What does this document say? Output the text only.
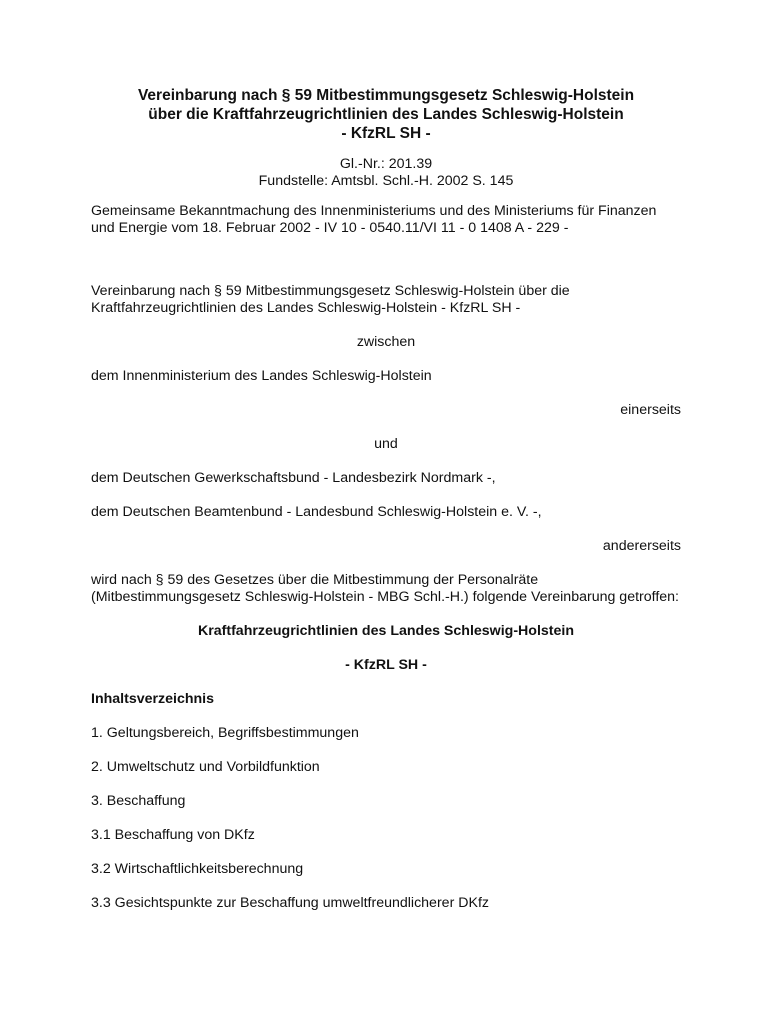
Vereinbarung nach § 59 Mitbestimmungsgesetz Schleswig-Holstein
über die Kraftfahrzeugrichtlinien des Landes Schleswig-Holstein
- KfzRL SH -
Gl.-Nr.: 201.39
Fundstelle: Amtsbl. Schl.-H. 2002 S. 145

Gemeinsame Bekanntmachung des Innenministeriums und des Ministeriums für Finanzen und Energie vom 18. Februar 2002 - IV 10 - 0540.11/VI 11 - 0 1408 A - 229 -

Vereinbarung nach § 59 Mitbestimmungsgesetz Schleswig-Holstein über die Kraftfahrzeugrichtlinien des Landes Schleswig-Holstein - KfzRL SH -

zwischen

dem Innenministerium des Landes Schleswig-Holstein

einerseits

und

dem Deutschen Gewerkschaftsbund - Landesbezirk Nordmark -,

dem Deutschen Beamtenbund - Landesbund Schleswig-Holstein e. V. -,

andererseits

wird nach § 59 des Gesetzes über die Mitbestimmung der Personalräte (Mitbestimmungsgesetz Schleswig-Holstein - MBG Schl.-H.) folgende Vereinbarung getroffen:

Kraftfahrzeugrichtlinien des Landes Schleswig-Holstein

- KfzRL SH -

Inhaltsverzeichnis

1. Geltungsbereich, Begriffsbestimmungen
2. Umweltschutz und Vorbildfunktion
3. Beschaffung
3.1 Beschaffung von DKfz
3.2 Wirtschaftlichkeitsberechnung
3.3 Gesichtspunkte zur Beschaffung umweltfreundlicherer DKfz
